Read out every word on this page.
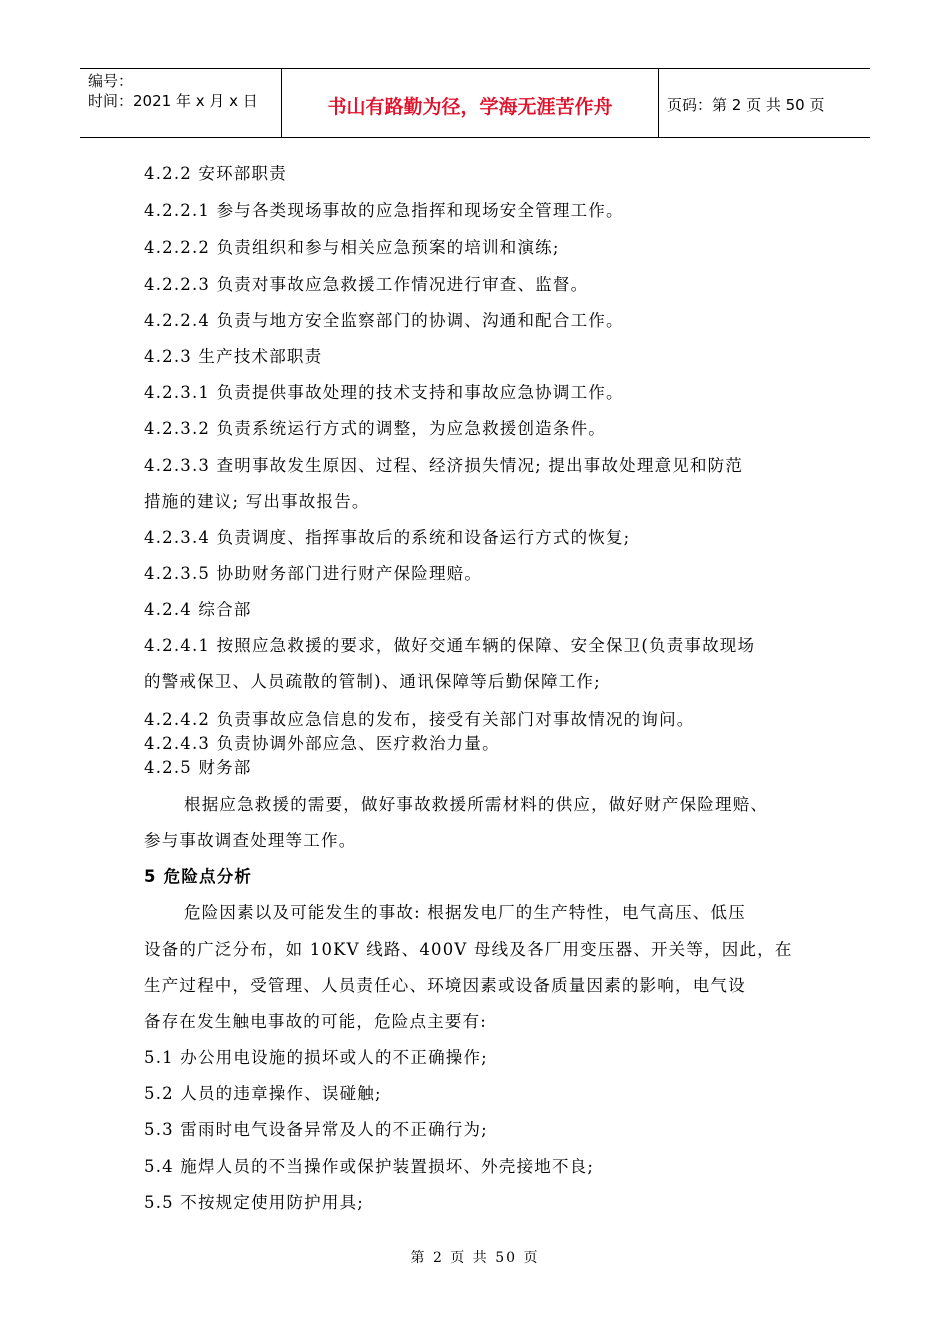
编号：
时间：2021 年 x 月 x 日	书山有路勤为径，学海无涯苦作舟	页码：第 2 页 共 50 页
4.2.2 安环部职责
4.2.2.1 参与各类现场事故的应急指挥和现场安全管理工作。
4.2.2.2 负责组织和参与相关应急预案的培训和演练;
4.2.2.3 负责对事故应急救援工作情况进行审查、监督。
4.2.2.4 负责与地方安全监察部门的协调、沟通和配合工作。
4.2.3 生产技术部职责
4.2.3.1 负责提供事故处理的技术支持和事故应急协调工作。
4.2.3.2 负责系统运行方式的调整，为应急救援创造条件。
4.2.3.3 查明事故发生原因、过程、经济损失情况; 提出事故处理意见和防范
措施的建议; 写出事故报告。
4.2.3.4 负责调度、指挥事故后的系统和设备运行方式的恢复;
4.2.3.5 协助财务部门进行财产保险理赔。
4.2.4 综合部
4.2.4.1 按照应急救援的要求，做好交通车辆的保障、安全保卫(负责事故现场
的警戒保卫、人员疏散的管制)、通讯保障等后勤保障工作;
4.2.4.2 负责事故应急信息的发布，接受有关部门对事故情况的询问。
4.2.4.3 负责协调外部应急、医疗救治力量。
4.2.5 财务部
根据应急救援的需要，做好事故救援所需材料的供应，做好财产保险理赔、
参与事故调查处理等工作。
5 危险点分析
危险因素以及可能发生的事故: 根据发电厂的生产特性，电气高压、低压
设备的广泛分布，如 10KV 线路、400V 母线及各厂用变压器、开关等，因此，在
生产过程中，受管理、人员责任心、环境因素或设备质量因素的影响，电气设
备存在发生触电事故的可能，危险点主要有:
5.1 办公用电设施的损坏或人的不正确操作;
5.2 人员的违章操作、误碰触;
5.3 雷雨时电气设备异常及人的不正确行为;
5.4 施焊人员的不当操作或保护装置损坏、外壳接地不良;
5.5 不按规定使用防护用具;
第 2 页 共 50 页
